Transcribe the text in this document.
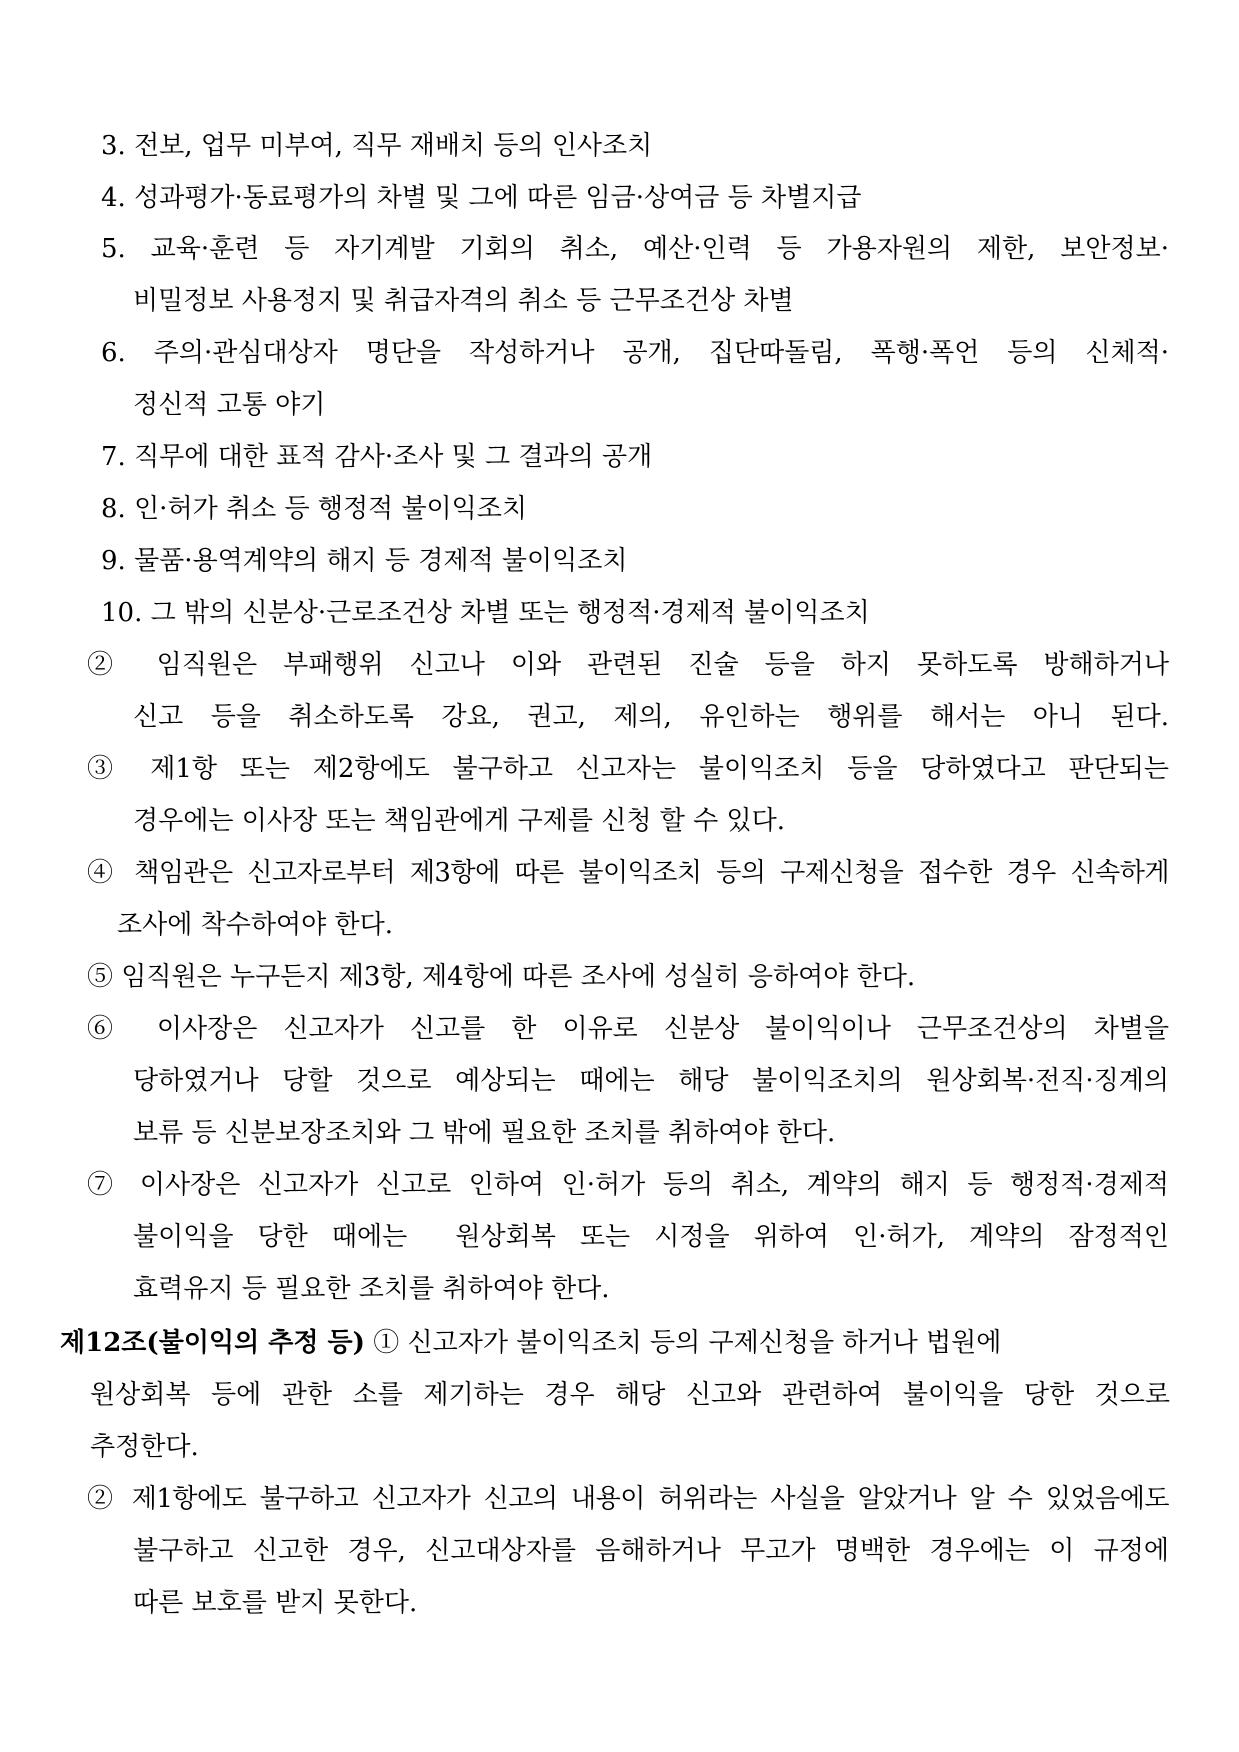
3. 전보, 업무 미부여, 직무 재배치 등의 인사조치
4. 성과평가·동료평가의 차별 및 그에 따른 임금·상여금 등 차별지급
5. 교육·훈련 등 자기계발 기회의 취소, 예산·인력 등 가용자원의 제한, 보안정보·
비밀정보 사용정지 및 취급자격의 취소 등 근무조건상 차별
6. 주의·관심대상자 명단을 작성하거나 공개, 집단따돌림, 폭행·폭언 등의 신체적·
정신적 고통 야기
7. 직무에 대한 표적 감사·조사 및 그 결과의 공개
8. 인·허가 취소 등 행정적 불이익조치
9. 물품·용역계약의 해지 등 경제적 불이익조치
10. 그 밖의 신분상·근로조건상 차별 또는 행정적·경제적 불이익조치
② 임직원은 부패행위 신고나 이와 관련된 진술 등을 하지 못하도록 방해하거나
신고 등을 취소하도록 강요, 권고, 제의, 유인하는 행위를 해서는 아니 된다.
③ 제1항 또는 제2항에도 불구하고 신고자는 불이익조치 등을 당하였다고 판단되는
경우에는 이사장 또는 책임관에게 구제를 신청 할 수 있다.
④ 책임관은 신고자로부터 제3항에 따른 불이익조치 등의 구제신청을 접수한 경우 신속하게
조사에 착수하여야 한다.
⑤ 임직원은 누구든지 제3항, 제4항에 따른 조사에 성실히 응하여야 한다.
⑥ 이사장은 신고자가 신고를 한 이유로 신분상 불이익이나 근무조건상의 차별을
당하였거나 당할 것으로 예상되는 때에는 해당 불이익조치의 원상회복·전직·징계의
보류 등 신분보장조치와 그 밖에 필요한 조치를 취하여야 한다.
⑦ 이사장은 신고자가 신고로 인하여 인·허가 등의 취소, 계약의 해지 등 행정적·경제적
불이익을 당한 때에는  원상회복 또는 시정을 위하여 인·허가, 계약의 잠정적인
효력유지 등 필요한 조치를 취하여야 한다.
제12조(불이익의 추정 등) ① 신고자가 불이익조치 등의 구제신청을 하거나 법원에
원상회복 등에 관한 소를 제기하는 경우 해당 신고와 관련하여 불이익을 당한 것으로
추정한다.
② 제1항에도 불구하고 신고자가 신고의 내용이 허위라는 사실을 알았거나 알 수 있었음에도
불구하고 신고한 경우, 신고대상자를 음해하거나 무고가 명백한 경우에는 이 규정에
따른 보호를 받지 못한다.
